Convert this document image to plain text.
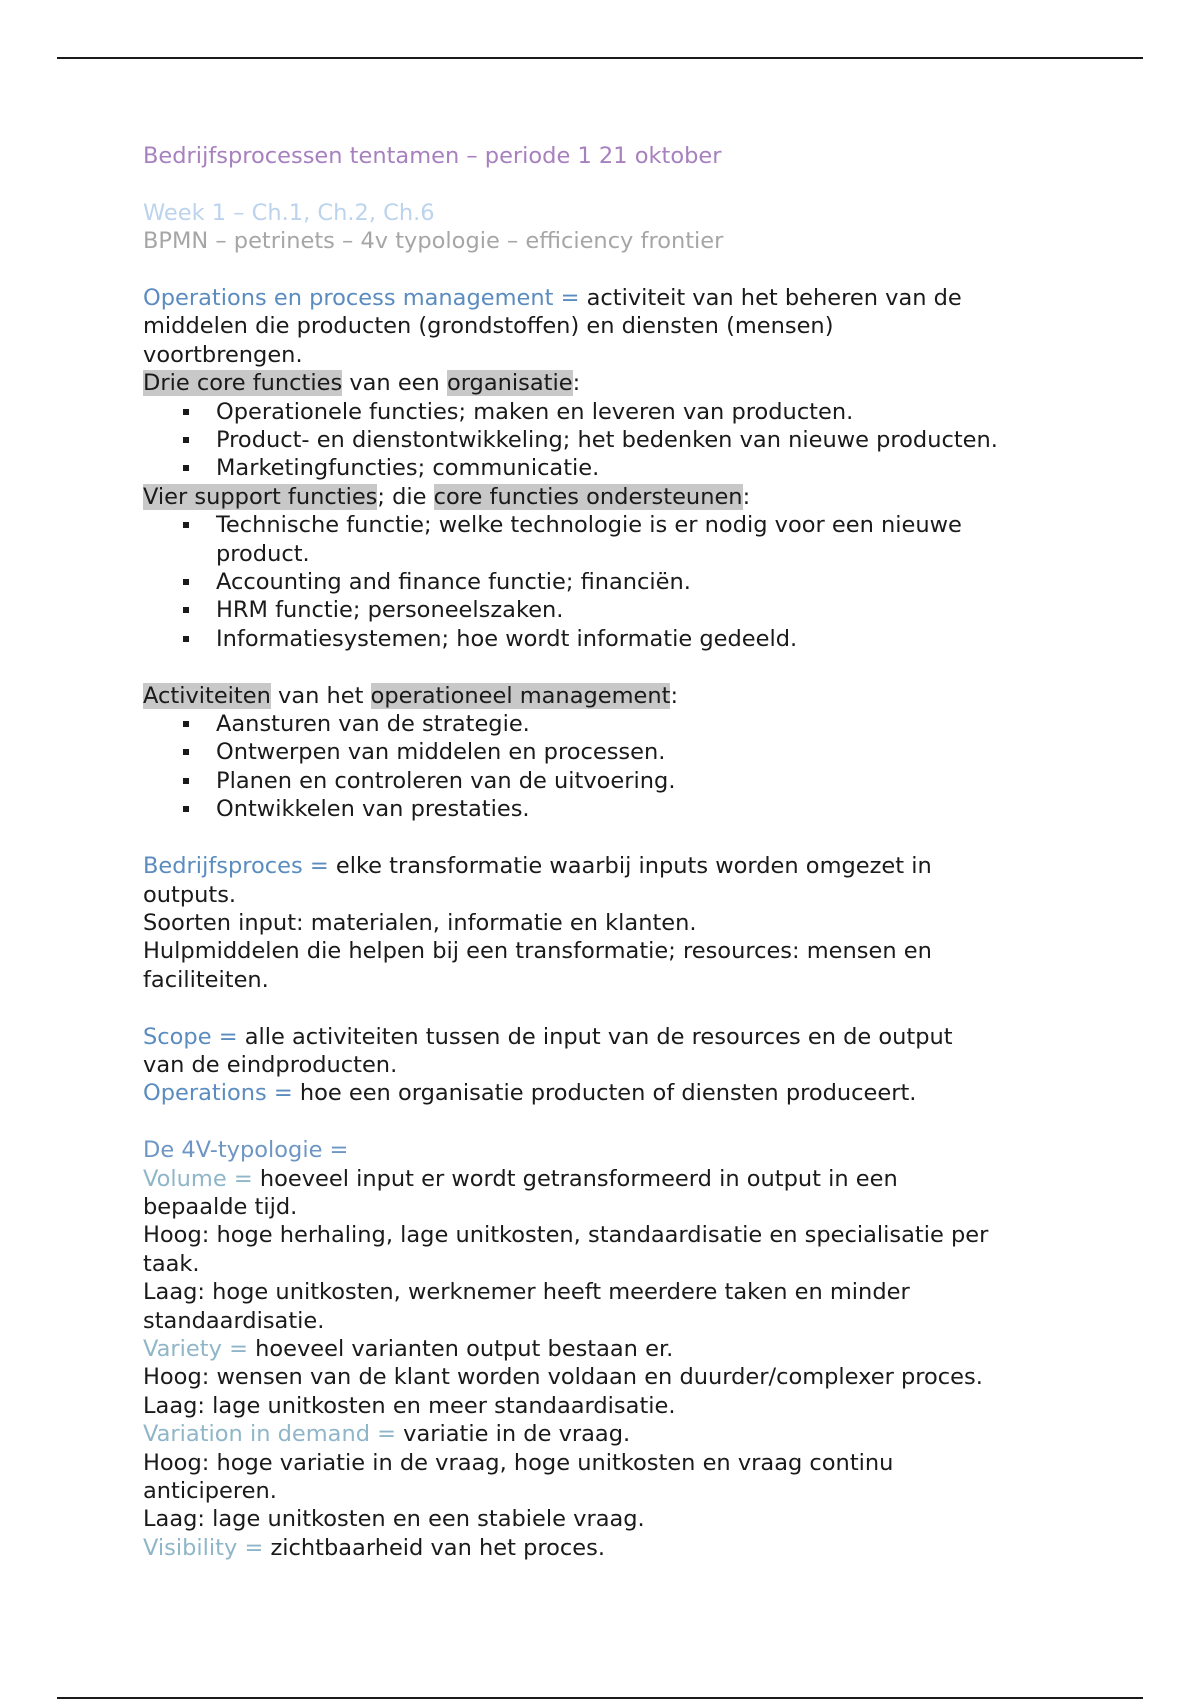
Bedrijfsprocessen tentamen – periode 1 21 oktober

Week 1 – Ch.1, Ch.2, Ch.6

BPMN – petrinets – 4v typologie – efficiency frontier

Operations en process management = activiteit van het beheren van de

middelen die producten (grondstoffen) en diensten (mensen)

voortbrengen.

Drie core functies van een organisatie:

Operationele functies; maken en leveren van producten.
Product- en dienstontwikkeling; het bedenken van nieuwe producten.
Marketingfuncties; communicatie.

Vier support functies; die core functies ondersteunen:

Technische functie; welke technologie is er nodig voor een nieuwe
product.
Accounting and finance functie; financiën.
HRM functie; personeelszaken.
Informatiesystemen; hoe wordt informatie gedeeld.

Activiteiten van het operationeel management:

Aansturen van de strategie.
Ontwerpen van middelen en processen.
Planen en controleren van de uitvoering.
Ontwikkelen van prestaties.

Bedrijfsproces = elke transformatie waarbij inputs worden omgezet in

outputs.

Soorten input: materialen, informatie en klanten.

Hulpmiddelen die helpen bij een transformatie; resources: mensen en

faciliteiten.

Scope = alle activiteiten tussen de input van de resources en de output

van de eindproducten.

Operations = hoe een organisatie producten of diensten produceert.

De 4V-typologie =

Volume = hoeveel input er wordt getransformeerd in output in een

bepaalde tijd.

Hoog: hoge herhaling, lage unitkosten, standaardisatie en specialisatie per

taak.

Laag: hoge unitkosten, werknemer heeft meerdere taken en minder

standaardisatie.

Variety = hoeveel varianten output bestaan er.

Hoog: wensen van de klant worden voldaan en duurder/complexer proces.

Laag: lage unitkosten en meer standaardisatie.

Variation in demand = variatie in de vraag.

Hoog: hoge variatie in de vraag, hoge unitkosten en vraag continu

anticiperen.

Laag: lage unitkosten en een stabiele vraag.

Visibility = zichtbaarheid van het proces.
